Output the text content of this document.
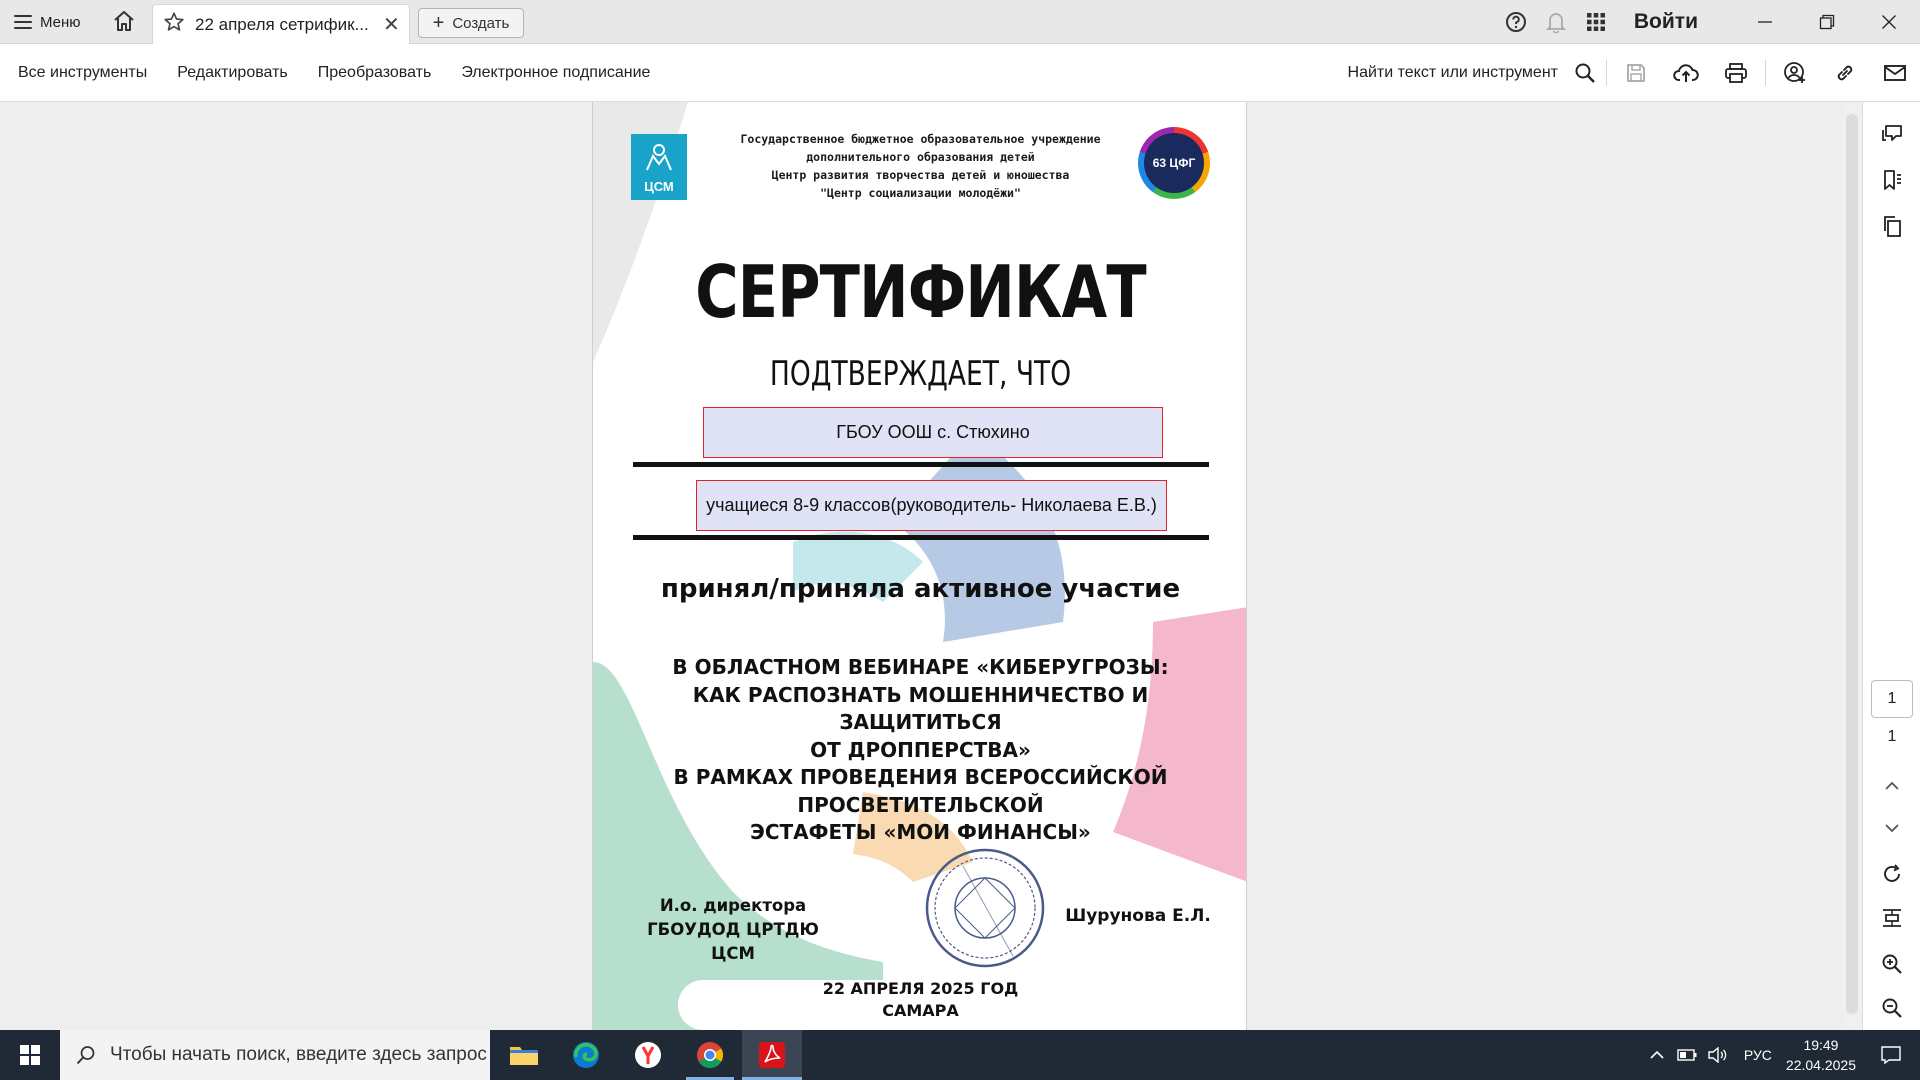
Меню	22 апреля сетрифик... ✕ + Создать	Войти
Все инструменты Редактировать Преобразовать Электронное подписание	Найти текст или инструмент
ЦСМ
63 ЦФГ
Государственное бюджетное образовательное учреждение
дополнительного образования детей
Центр развития творчества детей и юношества
"Центр социализации молодёжи"
СЕРТИФИКАТ
ПОДТВЕРЖДАЕТ, ЧТО
ГБОУ ООШ с. Стюхино
учащиеся 8-9 классов(руководитель- Николаева Е.В.)
принял/приняла активное участие
В ОБЛАСТНОМ ВЕБИНАРЕ «КИБЕРУГРОЗЫ:
КАК РАСПОЗНАТЬ МОШЕННИЧЕСТВО И ЗАЩИТИТЬСЯ
ОТ ДРОППЕРСТВА»
В РАМКАХ ПРОВЕДЕНИЯ ВСЕРОССИЙСКОЙ
ПРОСВЕТИТЕЛЬСКОЙ
ЭСТАФЕТЫ «МОИ ФИНАНСЫ»
И.о. директора
ГБОУДОД ЦРТДЮ ЦСМ
Шурунова Е.Л.
22 АПРЕЛЯ 2025 ГОД
САМАРА
1
1
Чтобы начать поиск, введите здесь запрос	РУС
19:49
22.04.2025
